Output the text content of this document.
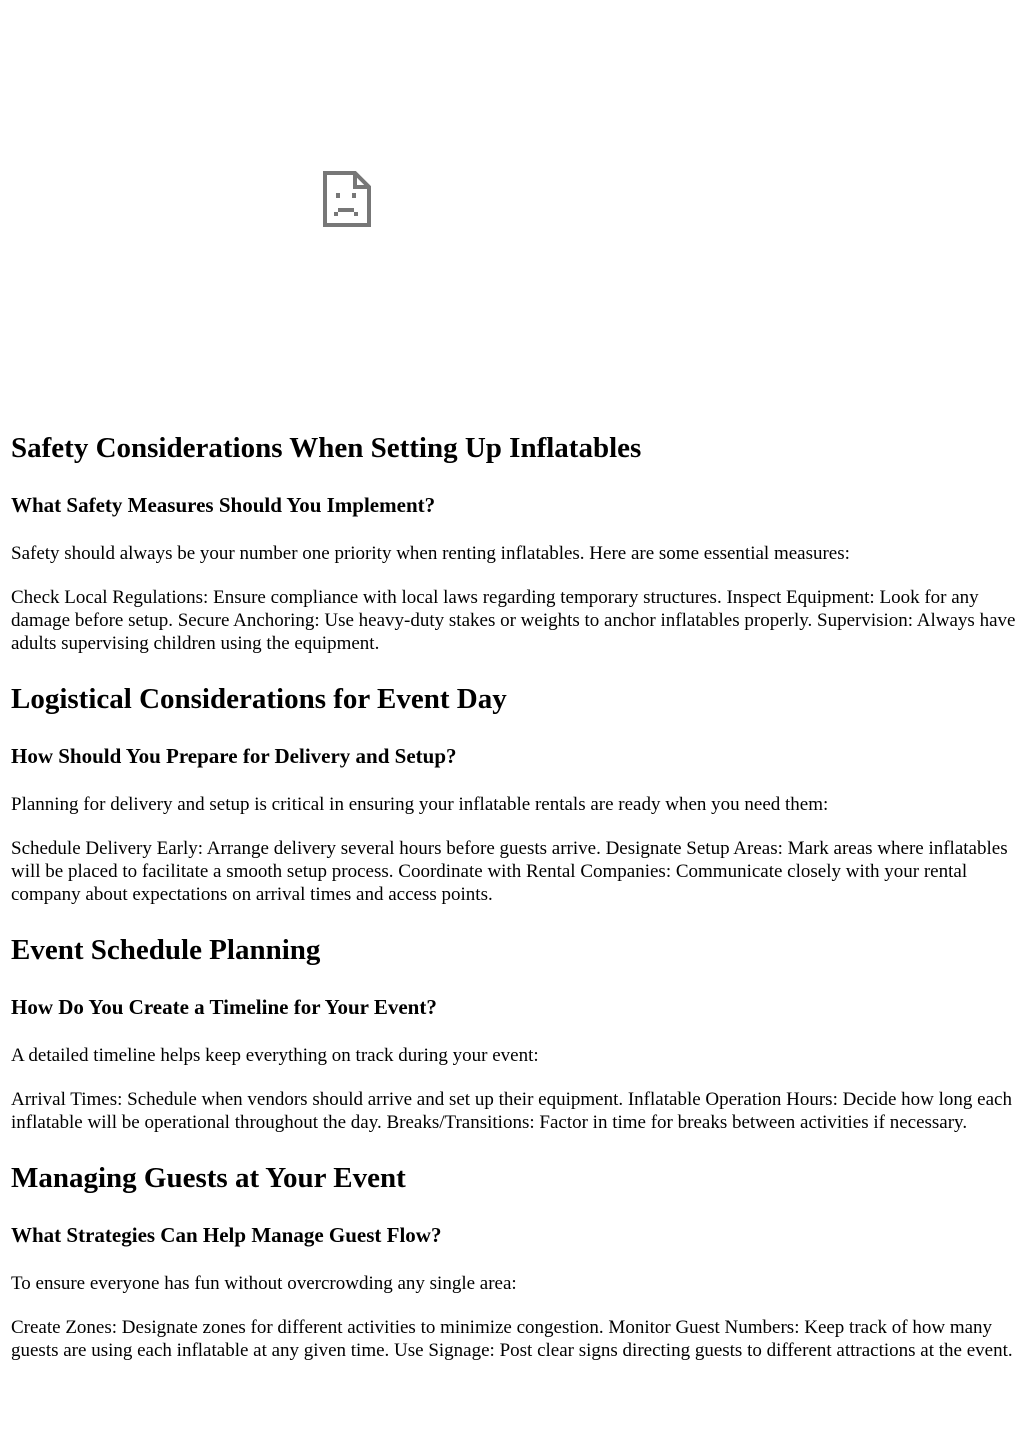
Safety Considerations When Setting Up Inflatables
What Safety Measures Should You Implement?

Safety should always be your number one priority when renting inflatables. Here are some essential measures:

Check Local Regulations: Ensure compliance with local laws regarding temporary structures. Inspect Equipment: Look for any damage before setup. Secure Anchoring: Use heavy-duty stakes or weights to anchor inflatables properly. Supervision: Always have adults supervising children using the equipment.

Logistical Considerations for Event Day
How Should You Prepare for Delivery and Setup?

Planning for delivery and setup is critical in ensuring your inflatable rentals are ready when you need them:

Schedule Delivery Early: Arrange delivery several hours before guests arrive. Designate Setup Areas: Mark areas where inflatables will be placed to facilitate a smooth setup process. Coordinate with Rental Companies: Communicate closely with your rental company about expectations on arrival times and access points.

Event Schedule Planning
How Do You Create a Timeline for Your Event?

A detailed timeline helps keep everything on track during your event:

Arrival Times: Schedule when vendors should arrive and set up their equipment. Inflatable Operation Hours: Decide how long each inflatable will be operational throughout the day. Breaks/Transitions: Factor in time for breaks between activities if necessary.

Managing Guests at Your Event
What Strategies Can Help Manage Guest Flow?

To ensure everyone has fun without overcrowding any single area:

Create Zones: Designate zones for different activities to minimize congestion. Monitor Guest Numbers: Keep track of how many guests are using each inflatable at any given time. Use Signage: Post clear signs directing guests to different attractions at the event.
